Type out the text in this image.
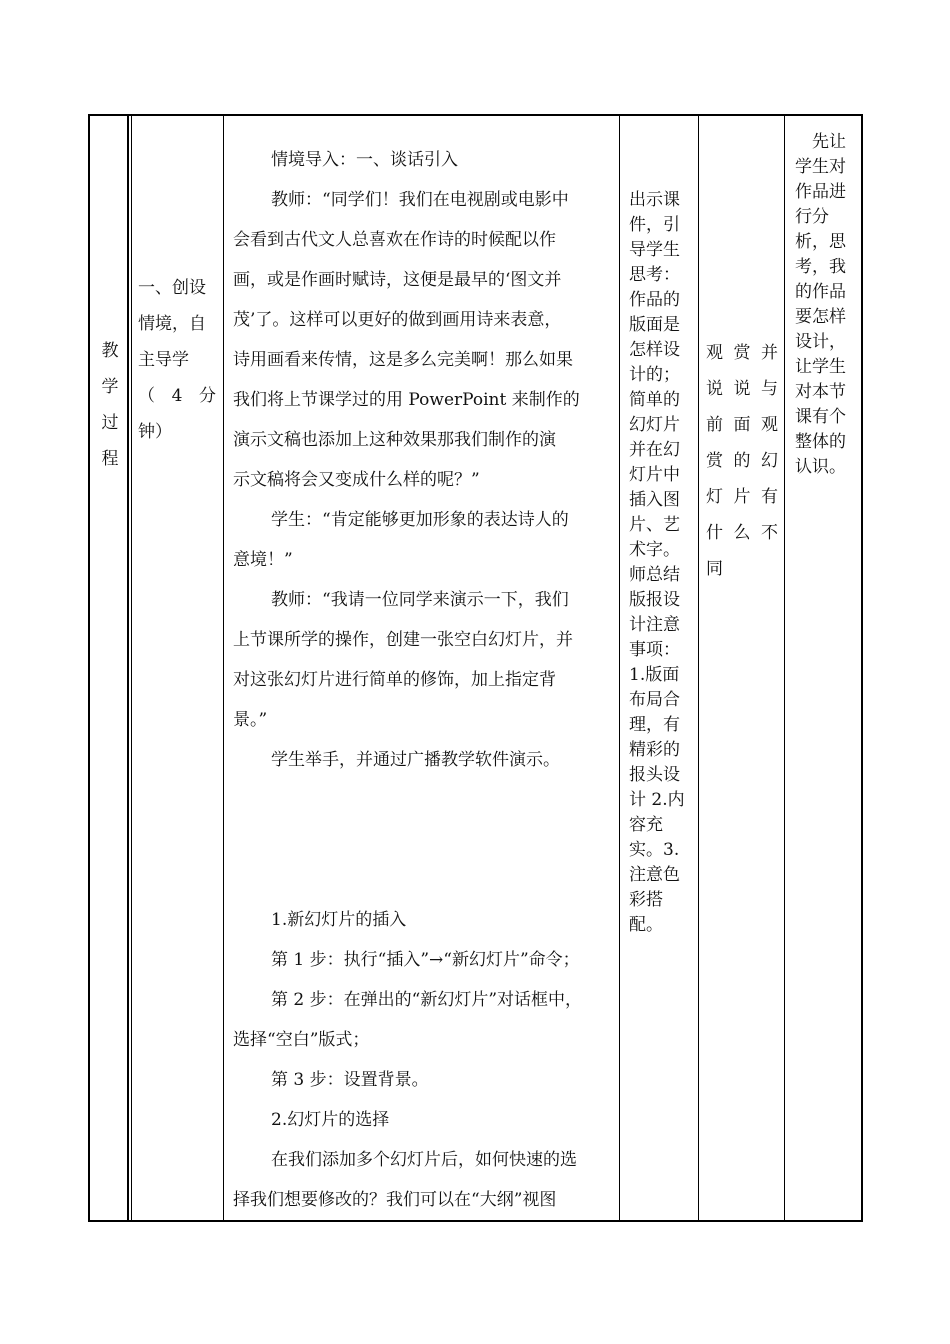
教
学
过
程
一、创设
情境，自
主导学
（ 4 分
钟）
情境导入：一、谈话引入
教师：“同学们！我们在电视剧或电影中
会看到古代文人总喜欢在作诗的时候配以作
画，或是作画时赋诗，这便是最早的‘图文并
茂’了。这样可以更好的做到画用诗来表意，
诗用画看来传情，这是多么完美啊！那么如果
我们将上节课学过的用 PowerPoint 来制作的
演示文稿也添加上这种效果那我们制作的演
示文稿将会又变成什么样的呢？”
学生：“肯定能够更加形象的表达诗人的
意境！”
教师：“我请一位同学来演示一下，我们
上节课所学的操作，创建一张空白幻灯片，并
对这张幻灯片进行简单的修饰，加上指定背
景。”
学生举手，并通过广播教学软件演示。
1.新幻灯片的插入
第 1 步：执行“插入”→“新幻灯片”命令；
第 2 步：在弹出的“新幻灯片”对话框中，
选择“空白”版式；
第 3 步：设置背景。
2.幻灯片的选择
在我们添加多个幻灯片后，如何快速的选
择我们想要修改的？我们可以在“大纲”视图
出示课
件，引
导学生
思考：
作品的
版面是
怎样设
计的；
简单的
幻灯片
并在幻
灯片中
插入图
片、艺
术字。
师总结
版报设
计注意
事项：
1.版面
布局合
理，有
精彩的
报头设
计 2.内
容充
实。3.
注意色
彩搭
配。
观 赏 并
说 说 与
前 面 观
赏 的 幻
灯 片 有
什 么 不
同
先让
学生对
作品进
行分
析，思
考，我
的作品
要怎样
设计，
让学生
对本节
课有个
整体的
认识。
